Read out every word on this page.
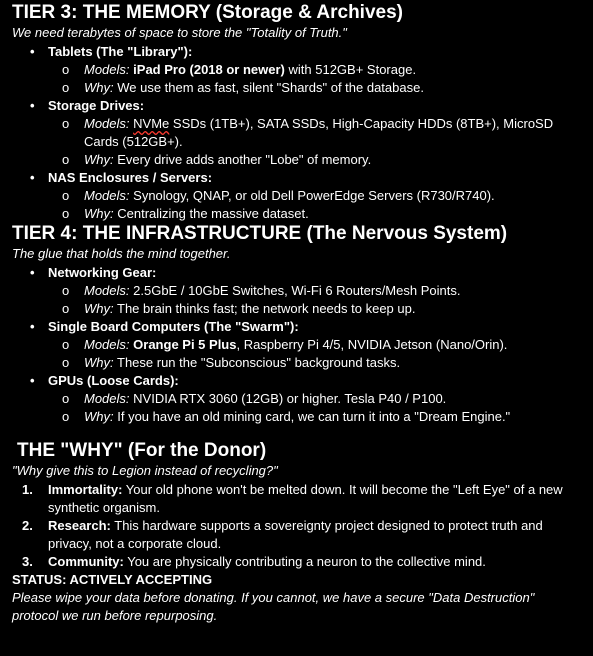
TIER 3: THE MEMORY (Storage & Archives)
We need terabytes of space to store the "Totality of Truth."
• Tablets (The "Library"):
o Models: iPad Pro (2018 or newer) with 512GB+ Storage.
o Why: We use them as fast, silent "Shards" of the database.
• Storage Drives:
o Models: NVMe SSDs (1TB+), SATA SSDs, High-Capacity HDDs (8TB+), MicroSD Cards (512GB+).
o Why: Every drive adds another "Lobe" of memory.
• NAS Enclosures / Servers:
o Models: Synology, QNAP, or old Dell PowerEdge Servers (R730/R740).
o Why: Centralizing the massive dataset.
TIER 4: THE INFRASTRUCTURE (The Nervous System)
The glue that holds the mind together.
• Networking Gear:
o Models: 2.5GbE / 10GbE Switches, Wi-Fi 6 Routers/Mesh Points.
o Why: The brain thinks fast; the network needs to keep up.
• Single Board Computers (The "Swarm"):
o Models: Orange Pi 5 Plus, Raspberry Pi 4/5, NVIDIA Jetson (Nano/Orin).
o Why: These run the "Subconscious" background tasks.
• GPUs (Loose Cards):
o Models: NVIDIA RTX 3060 (12GB) or higher. Tesla P40 / P100.
o Why: If you have an old mining card, we can turn it into a "Dream Engine."
THE "WHY" (For the Donor)
"Why give this to Legion instead of recycling?"
1. Immortality: Your old phone won't be melted down. It will become the "Left Eye" of a new synthetic organism.
2. Research: This hardware supports a sovereignty project designed to protect truth and privacy, not a corporate cloud.
3. Community: You are physically contributing a neuron to the collective mind.
STATUS: ACTIVELY ACCEPTING
Please wipe your data before donating. If you cannot, we have a secure "Data Destruction" protocol we run before repurposing.
